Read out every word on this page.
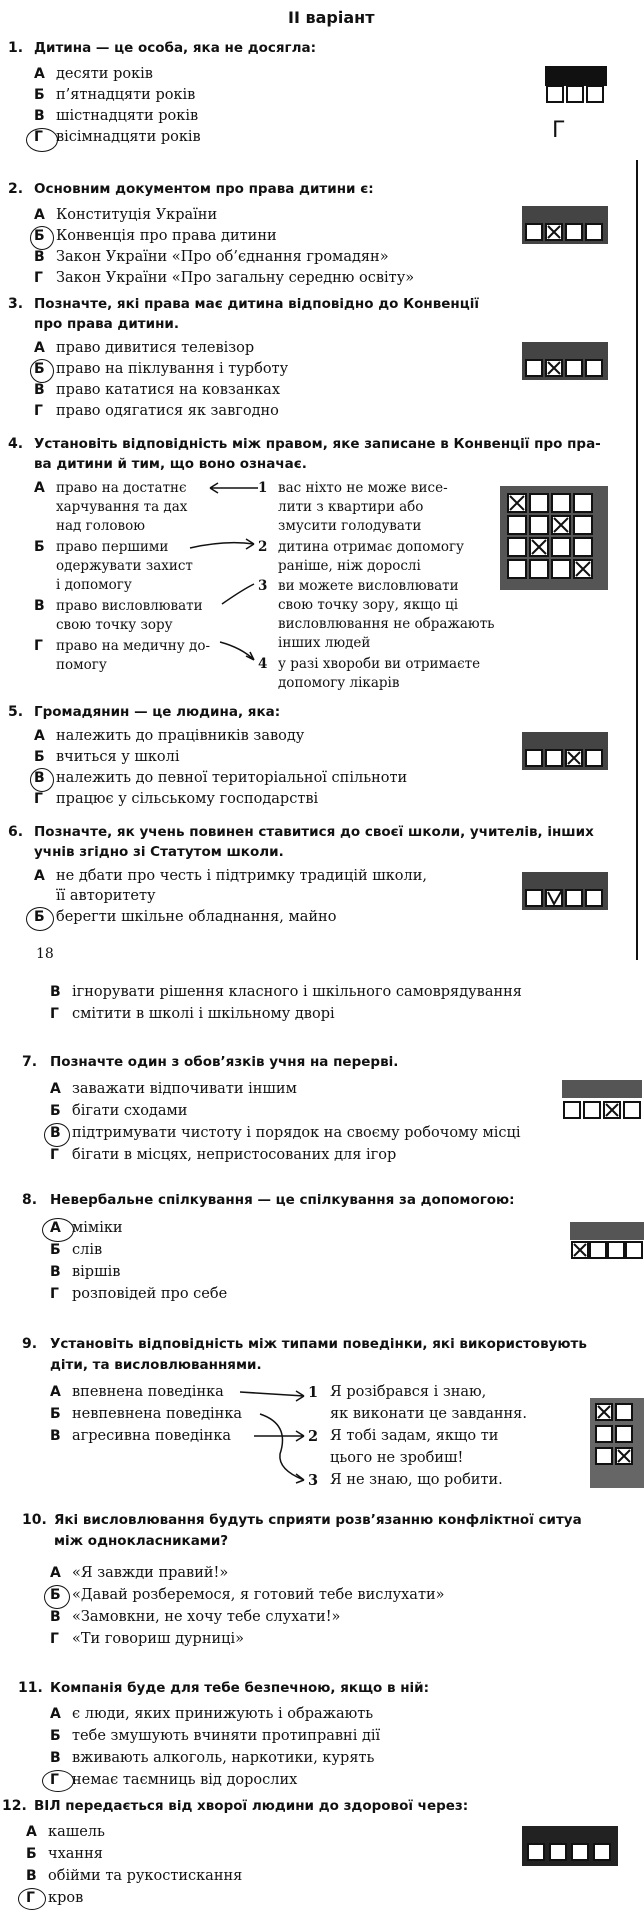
II варіант
1. Дитина — це особа, яка не досягла:
А десяти років
Б п’ятнадцяти років
В шістнадцяти років
Г вісімнадцяти років	Г
2. Основним документом про права дитини є:
А Конституція України
Б Конвенція про права дитини
В Закон України «Про об’єднання громадян»
Г Закон України «Про загальну середню освіту»
3. Позначте, які права має дитина відповідно до Конвенції
про права дитини.
А право дивитися телевізор
Б право на піклування і турботу
В право кататися на ковзанках
Г право одягатися як завгодно
4. Установіть відповідність між правом, яке записане в Конвенції про пра-
ва дитини й тим, що воно означає.
А право на достатнє
харчування та дах
над головою
Б право першими
одержувати захист
і допомогу
В право висловлювати
свою точку зору
Г право на медичну до-
помогу
1 вас ніхто не може висе-
лити з квартири або
змусити голодувати
2 дитина отримає допомогу
раніше, ніж дорослі
3 ви можете висловлювати
свою точку зору, якщо ці
висловлювання не ображають
інших людей
4 у разі хвороби ви отримаєте
допомогу лікарів
5. Громадянин — це людина, яка:
А належить до працівників заводу
Б вчиться у школі
В належить до певної територіальної спільноти
Г працює у сільському господарстві
6. Позначте, як учень повинен ставитися до своєї школи, учителів, інших
учнів згідно зі Статутом школи.
А не дбати про честь і підтримку традицій школи,
її авторитету
Б берегти шкільне обладнання, майно
18
В ігнорувати рішення класного і шкільного самоврядування
Г смітити в школі і шкільному дворі
7. Позначте один з обов’язків учня на перерві.
А заважати відпочивати іншим
Б бігати сходами
В підтримувати чистоту і порядок на своєму робочому місці
Г бігати в місцях, непристосованих для ігор
8. Невербальне спілкування — це спілкування за допомогою:
А міміки
Б слів
В віршів
Г розповідей про себе
9. Установіть відповідність між типами поведінки, які використовують
діти, та висловлюваннями.
А впевнена поведінка
Б невпевнена поведінка
В агресивна поведінка
1 Я розібрався і знаю,
як виконати це завдання.
2 Я тобі задам, якщо ти
цього не зробиш!
3 Я не знаю, що робити.
10. Які висловлювання будуть сприяти розв’язанню конфліктної ситуа
між однокласниками?
А «Я завжди правий!»
Б «Давай розберемося, я готовий тебе вислухати»
В «Замовкни, не хочу тебе слухати!»
Г «Ти говориш дурниці»
11. Компанія буде для тебе безпечною, якщо в ній:
А є люди, яких принижують і ображають
Б тебе змушують вчиняти протиправні дії
В вживають алкоголь, наркотики, курять
Г немає таємниць від дорослих
12. ВІЛ передається від хворої людини до здорової через:
А кашель
Б чхання
В обійми та рукостискання
Г кров
